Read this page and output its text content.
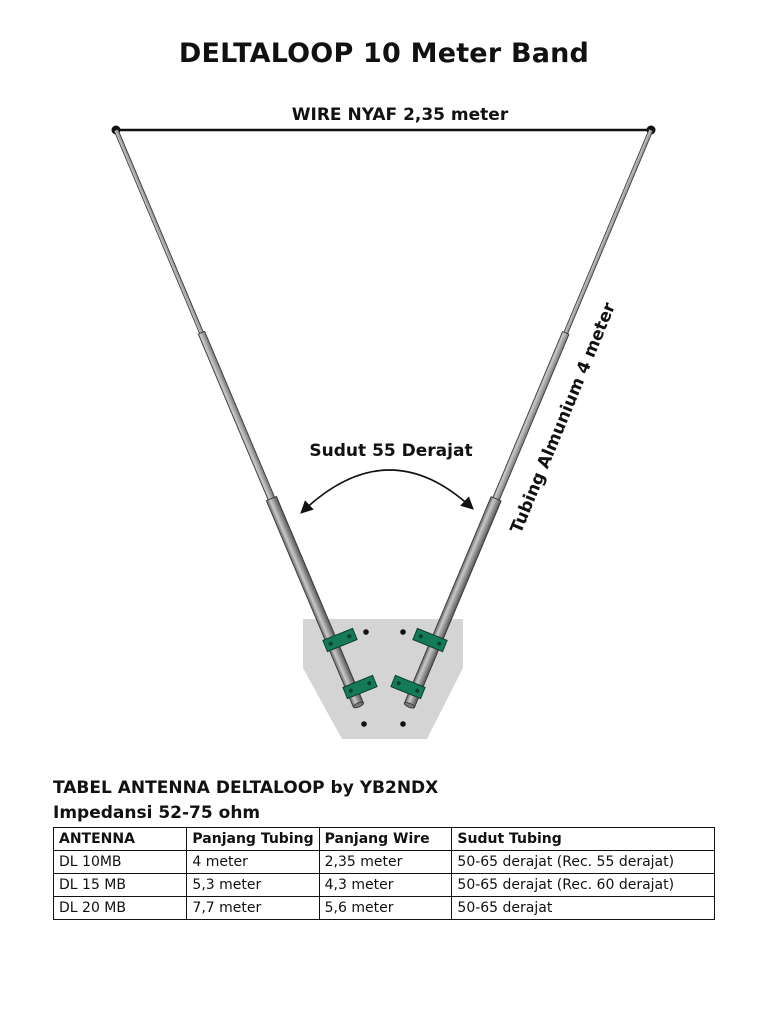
DELTALOOP 10 Meter Band
WIRE NYAF 2,35 meter
Sudut 55 Derajat Tubing Almunium 4 meter
TABEL ANTENNA DELTALOOP by YB2NDX
Impedansi 52-75 ohm
ANTENNA	Panjang Tubing	Panjang Wire	Sudut Tubing
DL 10MB	4 meter	2,35 meter	50-65 derajat (Rec. 55 derajat)
DL 15 MB	5,3 meter	4,3 meter	50-65 derajat (Rec. 60 derajat)
DL 20 MB	7,7 meter	5,6 meter	50-65 derajat
